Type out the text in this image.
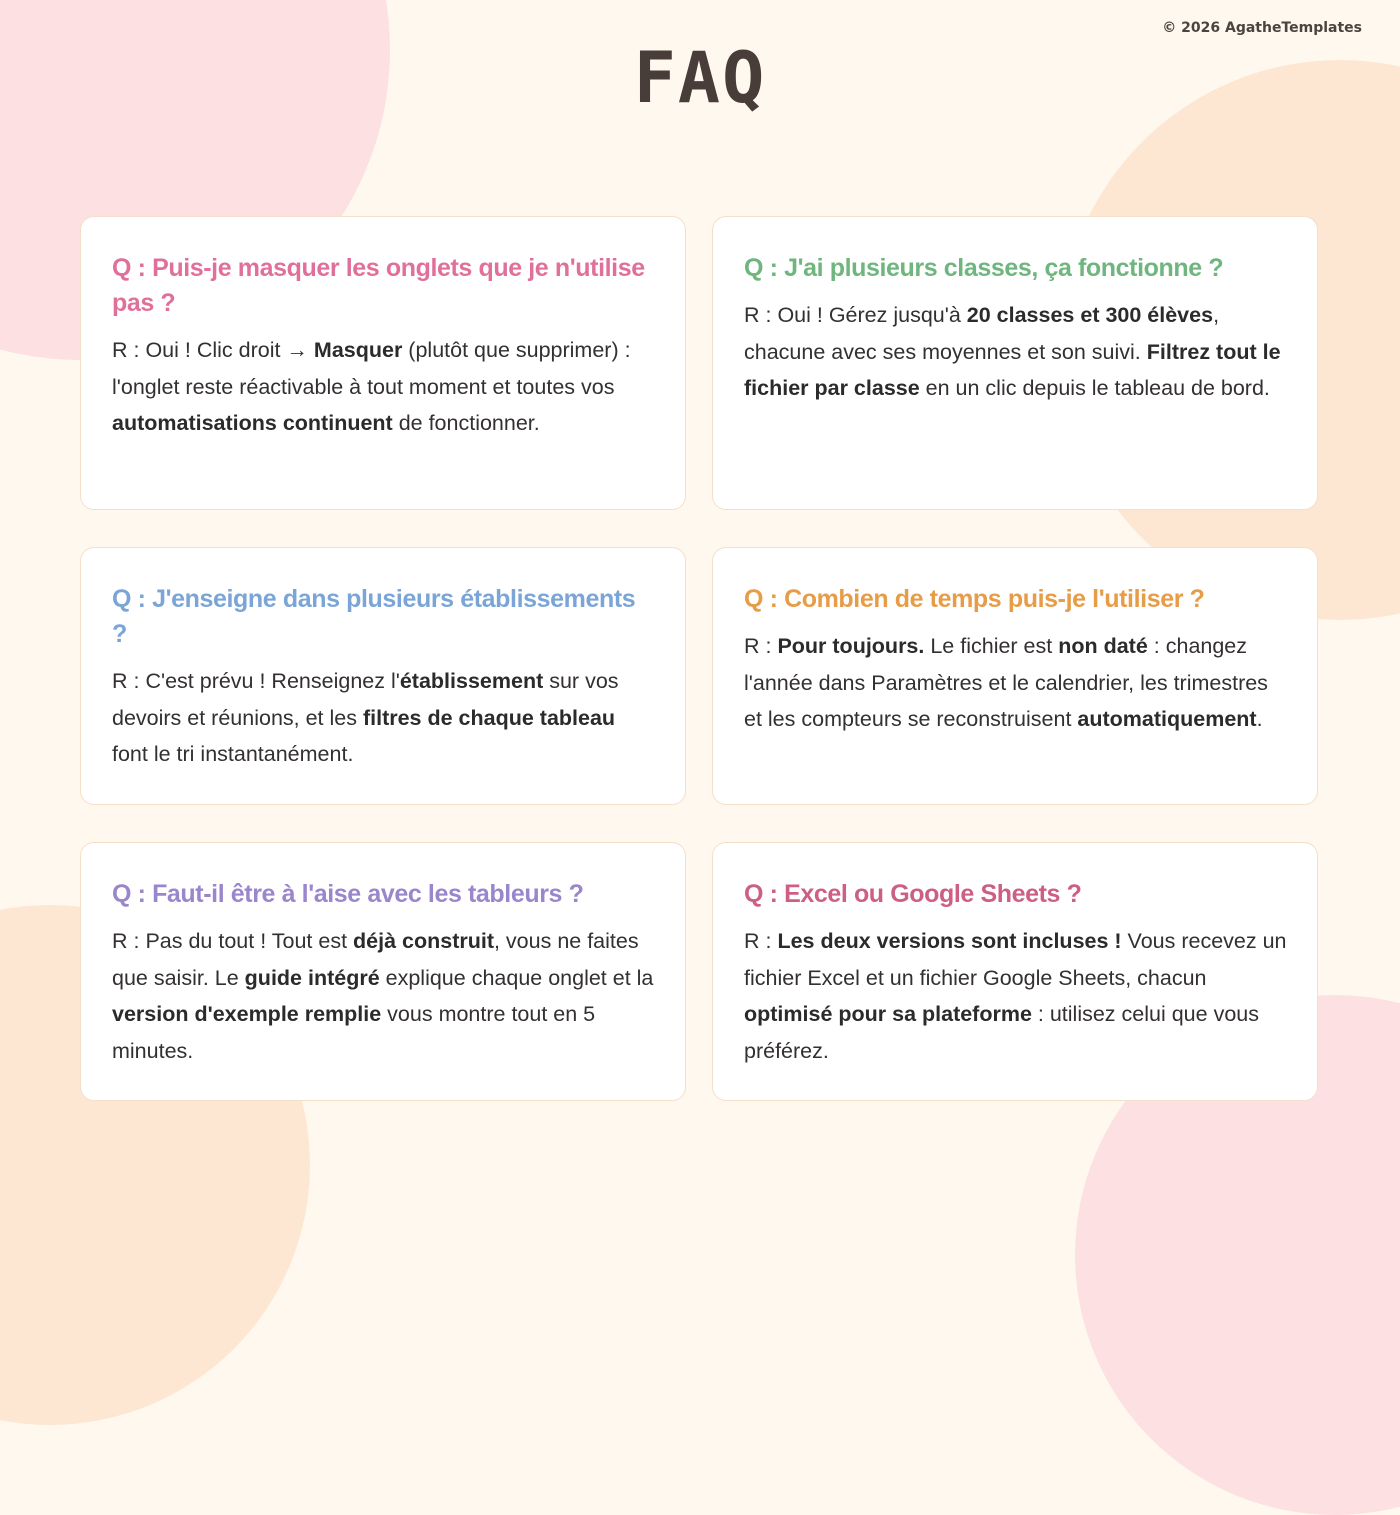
© 2026 AgatheTemplates
FAQ

Q : Puis-je masquer les onglets que je n'utilise pas ?

R : Oui ! Clic droit → Masquer (plutôt que supprimer) : l'onglet reste réactivable à tout moment et toutes vos automatisations continuent de fonctionner.

Q : J'ai plusieurs classes, ça fonctionne ?

R : Oui ! Gérez jusqu'à 20 classes et 300 élèves, chacune avec ses moyennes et son suivi. Filtrez tout le fichier par classe en un clic depuis le tableau de bord.

Q : J'enseigne dans plusieurs établissements ?

R : C'est prévu ! Renseignez l'établissement sur vos devoirs et réunions, et les filtres de chaque tableau font le tri instantanément.

Q : Combien de temps puis-je l'utiliser ?

R : Pour toujours. Le fichier est non daté : changez l'année dans Paramètres et le calendrier, les trimestres et les compteurs se reconstruisent automatiquement.

Q : Faut-il être à l'aise avec les tableurs ?

R : Pas du tout ! Tout est déjà construit, vous ne faites que saisir. Le guide intégré explique chaque onglet et la version d'exemple remplie vous montre tout en 5 minutes.

Q : Excel ou Google Sheets ?

R : Les deux versions sont incluses ! Vous recevez un fichier Excel et un fichier Google Sheets, chacun optimisé pour sa plateforme : utilisez celui que vous préférez.
